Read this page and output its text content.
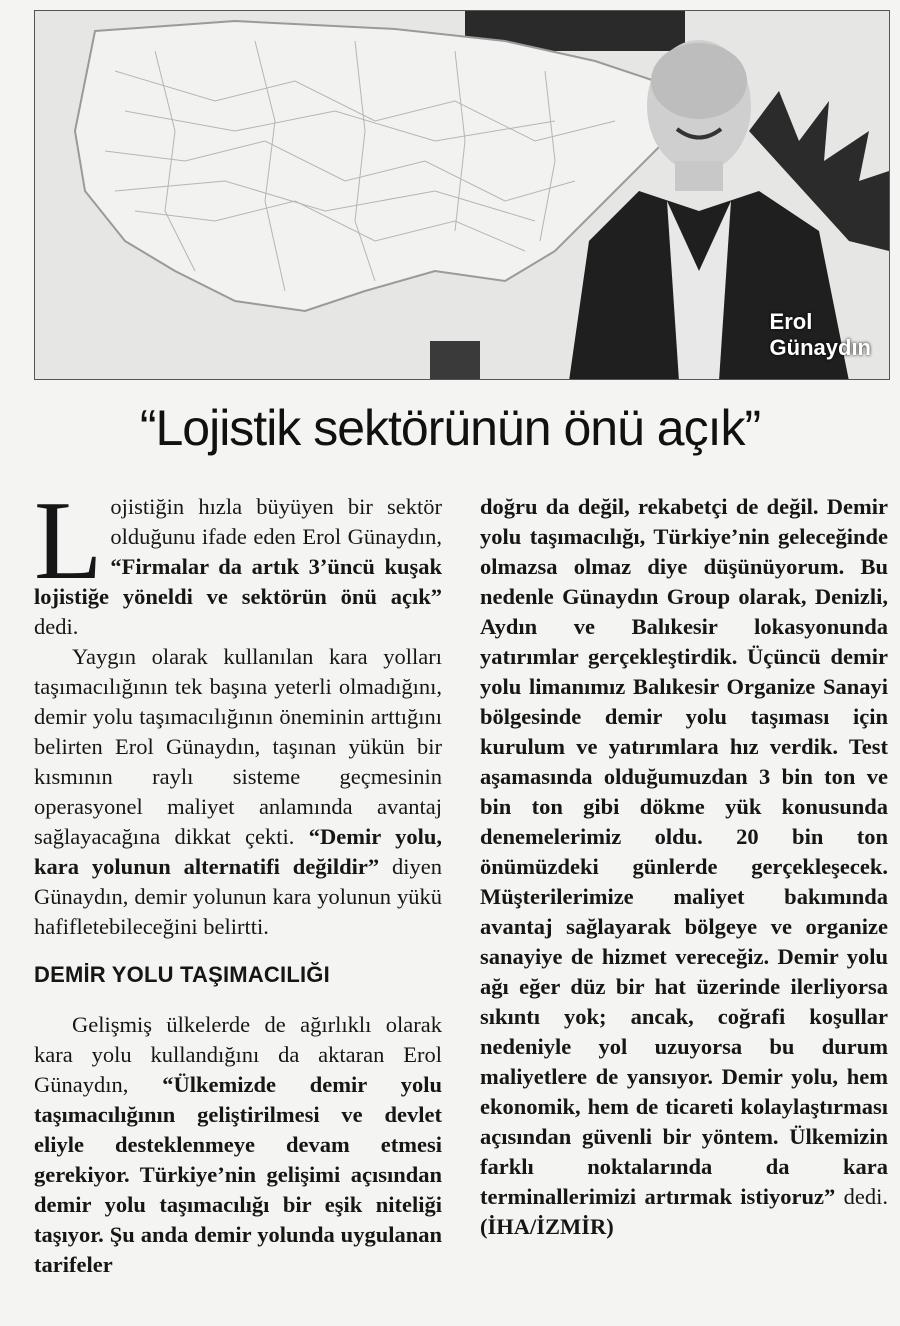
Erol
Günaydın
“Lojistik sektörünün önü açık”

Lojistiğin hızla büyüyen bir sektör olduğunu ifade eden Erol Günaydın, “Firmalar da artık 3’üncü kuşak lojistiğe yöneldi ve sektörün önü açık” dedi.

Yaygın olarak kullanılan kara yolları taşımacılığının tek başına yeterli olmadığını, demir yolu taşımacılığının öneminin arttığını belirten Erol Günaydın, taşınan yükün bir kısmının raylı sisteme geçmesinin operasyonel maliyet anlamında avantaj sağlayacağına dikkat çekti. “Demir yolu, kara yolunun alternatifi değildir” diyen Günaydın, demir yolunun kara yolunun yükü hafifletebileceğini belirtti.

DEMİR YOLU TAŞIMACILIĞI

Gelişmiş ülkelerde de ağırlıklı olarak kara yolu kullandığını da aktaran Erol Günaydın, “Ülkemizde demir yolu taşımacılığının geliştirilmesi ve devlet eliyle desteklenmeye devam etmesi gerekiyor. Türkiye’nin gelişimi açısından demir yolu taşımacılığı bir eşik niteliği taşıyor. Şu anda demir yolunda uygulanan tarifeler

doğru da değil, rekabetçi de değil. Demir yolu taşımacılığı, Türkiye’nin geleceğinde olmazsa olmaz diye düşünüyorum. Bu nedenle Günaydın Group olarak, Denizli, Aydın ve Balıkesir lokasyonunda yatırımlar gerçekleştirdik. Üçüncü demir yolu limanımız Balıkesir Organize Sanayi bölgesinde demir yolu taşıması için kurulum ve yatırımlara hız verdik. Test aşamasında olduğumuzdan 3 bin ton ve bin ton gibi dökme yük konusunda denemelerimiz oldu. 20 bin ton önümüzdeki günlerde gerçekleşecek. Müşterilerimize maliyet bakımında avantaj sağlayarak bölgeye ve organize sanayiye de hizmet vereceğiz. Demir yolu ağı eğer düz bir hat üzerinde ilerliyorsa sıkıntı yok; ancak, coğrafi koşullar nedeniyle yol uzuyorsa bu durum maliyetlere de yansıyor. Demir yolu, hem ekonomik, hem de ticareti kolaylaştırması açısından güvenli bir yöntem. Ülkemizin farklı noktalarında da kara terminallerimizi artırmak istiyoruz” dedi. (İHA/İZMİR)
